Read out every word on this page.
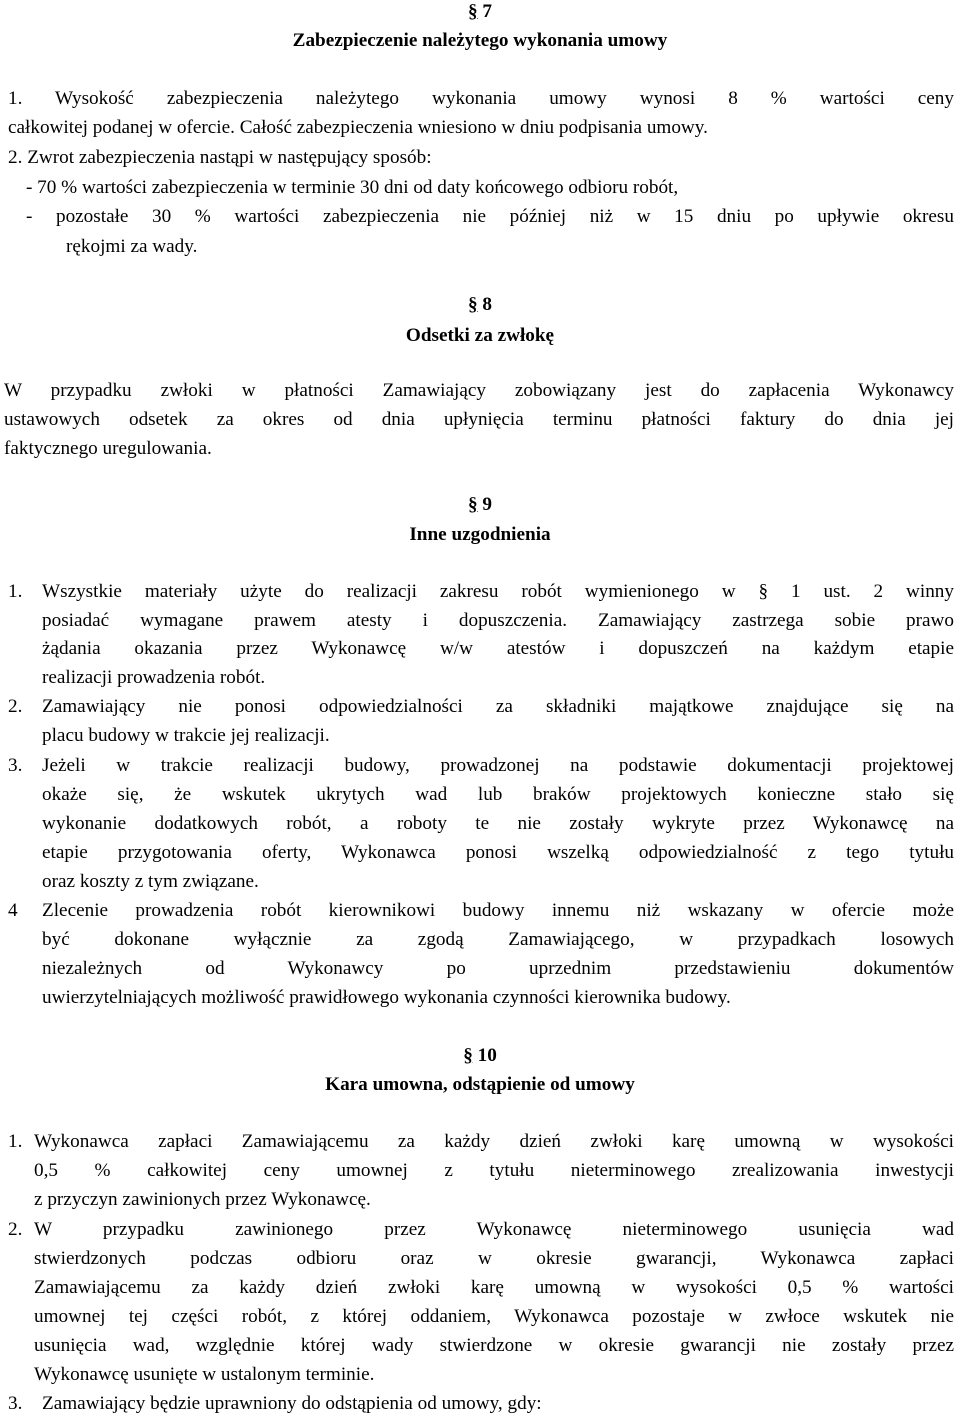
§ 7
Zabezpieczenie należytego wykonania umowy
1. Wysokość zabezpieczenia należytego wykonania umowy wynosi 8 % wartości ceny
całkowitej podanej w ofercie. Całość zabezpieczenia wniesiono w dniu podpisania umowy.
2. Zwrot zabezpieczenia nastąpi w następujący sposób:
- 70 % wartości zabezpieczenia w terminie 30 dni od daty końcowego odbioru robót,
- pozostałe 30 % wartości zabezpieczenia nie później niż w 15 dniu po upływie okresu
rękojmi za wady.
§ 8
Odsetki za zwłokę
W przypadku zwłoki w płatności Zamawiający zobowiązany jest do zapłacenia Wykonawcy
ustawowych odsetek za okres od dnia upłynięcia terminu płatności faktury do dnia jej
faktycznego uregulowania.
§ 9
Inne uzgodnienia
1. Wszystkie materiały użyte do realizacji zakresu robót wymienionego w § 1 ust. 2 winny
posiadać wymagane prawem atesty i dopuszczenia. Zamawiający zastrzega sobie prawo
żądania okazania przez Wykonawcę w/w atestów i dopuszczeń na każdym etapie
realizacji prowadzenia robót.
2. Zamawiający nie ponosi odpowiedzialności za składniki majątkowe znajdujące się na
placu budowy w trakcie jej realizacji.
3. Jeżeli w trakcie realizacji budowy, prowadzonej na podstawie dokumentacji projektowej
okaże się, że wskutek ukrytych wad lub braków projektowych konieczne stało się
wykonanie dodatkowych robót, a roboty te nie zostały wykryte przez Wykonawcę na
etapie przygotowania oferty, Wykonawca ponosi wszelką odpowiedzialność z tego tytułu
oraz koszty z tym związane.
4 Zlecenie prowadzenia robót kierownikowi budowy innemu niż wskazany w ofercie może
być dokonane wyłącznie za zgodą Zamawiającego, w przypadkach losowych
niezależnych od Wykonawcy po uprzednim przedstawieniu dokumentów
uwierzytelniających możliwość prawidłowego wykonania czynności kierownika budowy.
§ 10
Kara umowna, odstąpienie od umowy
1. Wykonawca zapłaci Zamawiającemu za każdy dzień zwłoki karę umowną w wysokości
0,5 % całkowitej ceny umownej z tytułu nieterminowego zrealizowania inwestycji
z przyczyn zawinionych przez Wykonawcę.
2. W przypadku zawinionego przez Wykonawcę nieterminowego usunięcia wad
stwierdzonych podczas odbioru oraz w okresie gwarancji, Wykonawca zapłaci
Zamawiającemu za każdy dzień zwłoki karę umowną w wysokości 0,5 % wartości
umownej tej części robót, z której oddaniem, Wykonawca pozostaje w zwłoce wskutek nie
usunięcia wad, względnie której wady stwierdzone w okresie gwarancji nie zostały przez
Wykonawcę usunięte w ustalonym terminie.
3. Zamawiający będzie uprawniony do odstąpienia od umowy, gdy:
